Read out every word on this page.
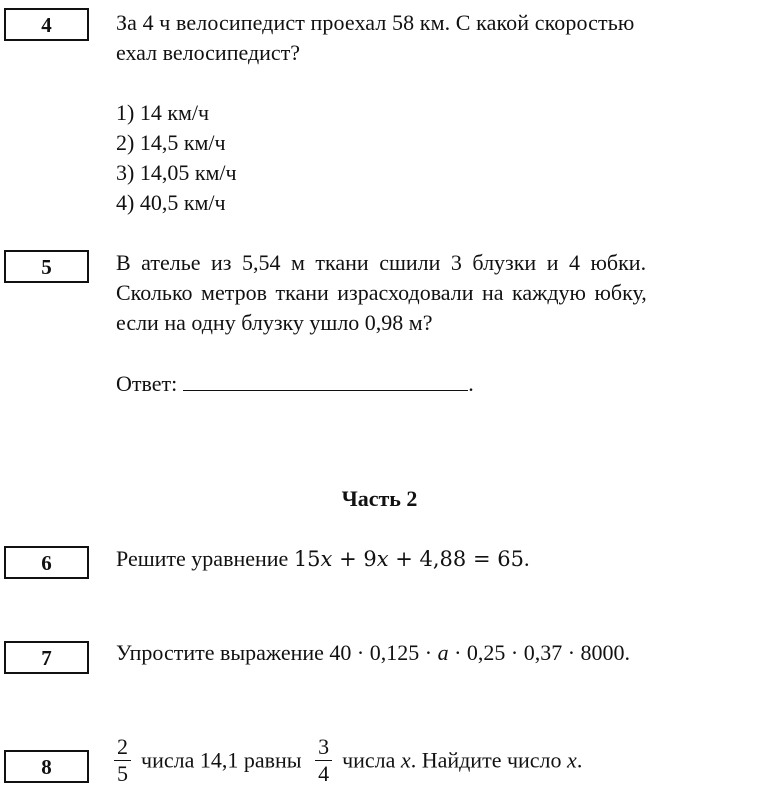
4	За 4 ч велосипедист проехал 58 км. С какой скоростью
ехал велосипедист?
1) 14 км/ч
2) 14,5 км/ч
3) 14,05 км/ч
4) 40,5 км/ч
5	В ателье из 5,54 м ткани сшили 3 блузки и 4 юбки.
Сколько метров ткани израсходовали на каждую юбку,
если на одну блузку ушло 0,98 м?
Ответ:	.
Часть 2
6	Решите уравнение 15x + 9x + 4,88 = 65.
7	Упростите выражение 40 · 0,125 · a · 0,25 · 0,37 · 8000.
8	$\frac{2}{5}$ числа 14,1 равны $\frac{3}{4}$ числа x. Найдите число x.
